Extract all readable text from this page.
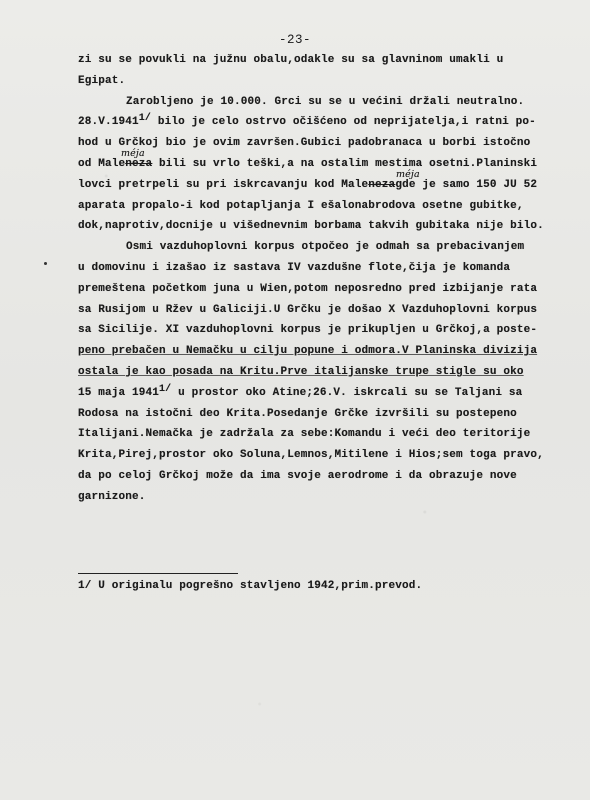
-23-
zi su se povukli na južnu obalu,odakle su sa glavninom umakli u
Egipat.
Zarobljeno je 10.000. Grci su se u većini držali neutralno.
28.V.19411/ bilo je celo ostrvo očišćeno od neprijatelja,i ratni po-
hod u Grčkoj bio je ovim završen.Gubici padobranaca u borbi istočno
méja
od Maleneza bili su vrlo teški,a na ostalim mestima osetni.Planinski
méja
lovci pretrpeli su pri iskrcavanju kod Malenezagde je samo 150 JU 52
aparata propalo-i kod potapljanja I ešalonabrodova osetne gubitke,
dok,naprotiv,docnije u višednevnim borbama takvih gubitaka nije bilo.
Osmi vazduhoplovni korpus otpočeo je odmah sa prebacivanjem
u domovinu i izašao iz sastava IV vazdušne flote,čija je komanda
premeštena početkom juna u Wien,potom neposredno pred izbijanje rata
sa Rusijom u Ržev u Galiciji.U Grčku je došao X Vazduhoplovni korpus
sa Sicilije. XI vazduhoplovni korpus je prikupljen u Grčkoj,a poste-
peno prebačen u Nemačku u cilju popune i odmora.V Planinska divizija
ostala je kao posada na Kritu.Prve italijanske trupe stigle su oko
15 maja 19411/ u prostor oko Atine;26.V. iskrcali su se Taljani sa
Rodosa na istočni deo Krita.Posedanje Grčke izvršili su postepeno
Italijani.Nemačka je zadržala za sebe:Komandu i veći deo teritorije
Krita,Pirej,prostor oko Soluna,Lemnos,Mitilene i Hios;sem toga pravo,
da po celoj Grčkoj može da ima svoje aerodrome i da obrazuje nove
garnizone.
1/ U originalu pogrešno stavljeno 1942,prim.prevod.
